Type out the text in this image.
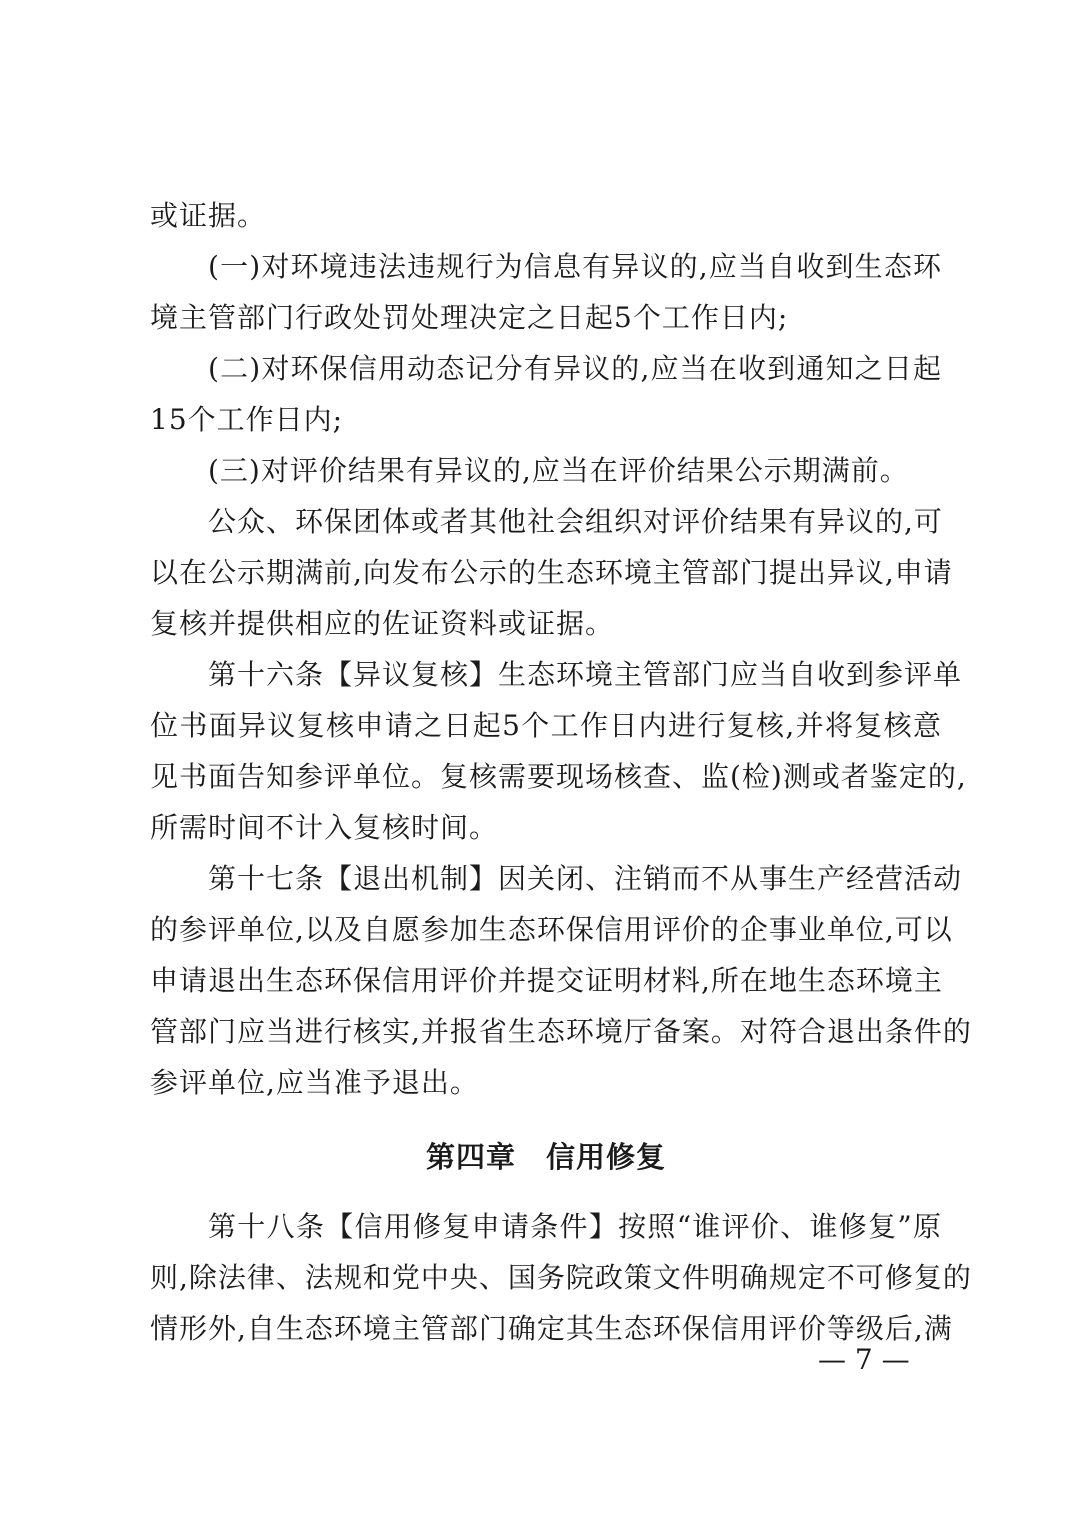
或证据。
(一)对环境违法违规行为信息有异议的,应当自收到生态环
境主管部门行政处罚处理决定之日起5个工作日内;
(二)对环保信用动态记分有异议的,应当在收到通知之日起
15个工作日内;
(三)对评价结果有异议的,应当在评价结果公示期满前。
公众、环保团体或者其他社会组织对评价结果有异议的,可
以在公示期满前,向发布公示的生态环境主管部门提出异议,申请
复核并提供相应的佐证资料或证据。
第十六条【异议复核】生态环境主管部门应当自收到参评单
位书面异议复核申请之日起5个工作日内进行复核,并将复核意
见书面告知参评单位。复核需要现场核查、监(检)测或者鉴定的,
所需时间不计入复核时间。
第十七条【退出机制】因关闭、注销而不从事生产经营活动
的参评单位,以及自愿参加生态环保信用评价的企事业单位,可以
申请退出生态环保信用评价并提交证明材料,所在地生态环境主
管部门应当进行核实,并报省生态环境厅备案。对符合退出条件的
参评单位,应当准予退出。
第四章　信用修复
第十八条【信用修复申请条件】按照“谁评价、谁修复”原
则,除法律、法规和党中央、国务院政策文件明确规定不可修复的
情形外,自生态环境主管部门确定其生态环保信用评价等级后,满
— 7 —
